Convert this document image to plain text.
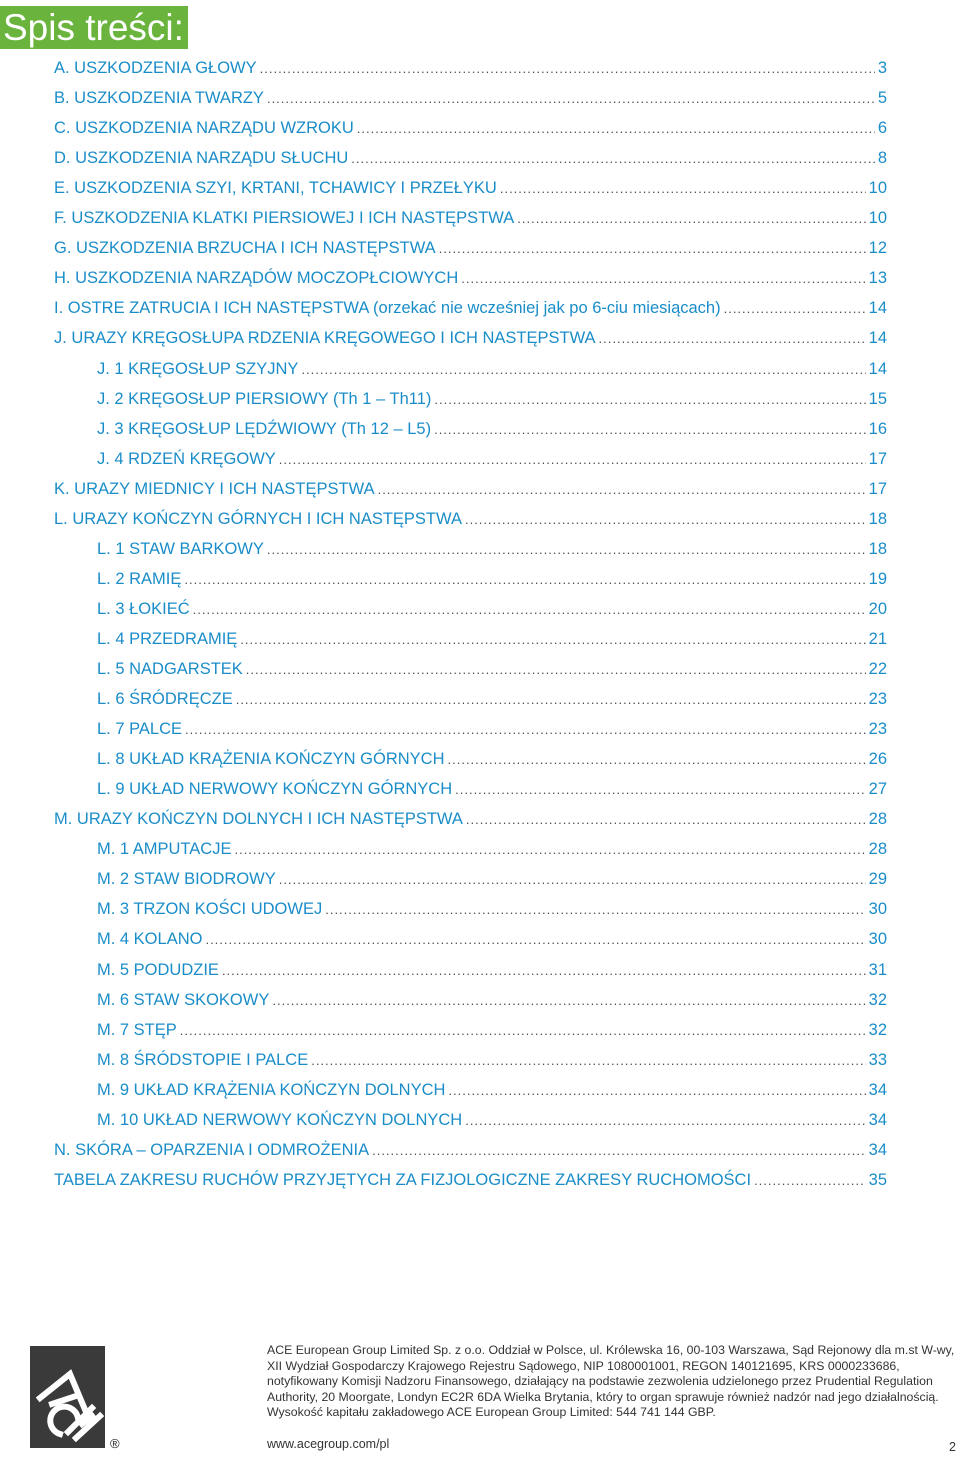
Spis treści:
A. USZKODZENIA GŁOWY .....	3
B. USZKODZENIA TWARZY .....	5
C. USZKODZENIA NARZĄDU WZROKU .....	6
D. USZKODZENIA NARZĄDU SŁUCHU .....	8
E. USZKODZENIA SZYI, KRTANI, TCHAWICY I PRZEŁYKU .....	10
F. USZKODZENIA KLATKI PIERSIOWEJ I ICH NASTĘPSTWA .....	10
G. USZKODZENIA BRZUCHA I ICH NASTĘPSTWA .....	12
H. USZKODZENIA NARZĄDÓW MOCZOPŁCIOWYCH .....	13
I. OSTRE ZATRUCIA I ICH NASTĘPSTWA (orzekać nie wcześniej jak po 6-ciu miesiącach) .....	14
J. URAZY KRĘGOSŁUPA RDZENIA KRĘGOWEGO I ICH NASTĘPSTWA .....	14
J. 1 KRĘGOSŁUP SZYJNY .....	14
J. 2 KRĘGOSŁUP PIERSIOWY (Th 1 – Th11) .....	15
J. 3 KRĘGOSŁUP LĘDŹWIOWY (Th 12 – L5) .....	16
J. 4 RDZEŃ KRĘGOWY .....	17
K. URAZY MIEDNICY I ICH NASTĘPSTWA .....	17
L. URAZY KOŃCZYN GÓRNYCH I ICH NASTĘPSTWA .....	18
L. 1 STAW BARKOWY .....	18
L. 2 RAMIĘ .....	19
L. 3 ŁOKIEĆ .....	20
L. 4 PRZEDRAMIĘ .....	21
L. 5 NADGARSTEK .....	22
L. 6 ŚRÓDRĘCZE .....	23
L. 7 PALCE .....	23
L. 8 UKŁAD KRĄŻENIA KOŃCZYN GÓRNYCH .....	26
L. 9 UKŁAD NERWOWY KOŃCZYN GÓRNYCH .....	27
M. URAZY KOŃCZYN DOLNYCH I ICH NASTĘPSTWA .....	28
M. 1 AMPUTACJE .....	28
M. 2 STAW BIODROWY .....	29
M. 3 TRZON KOŚCI UDOWEJ .....	30
M. 4 KOLANO .....	30
M. 5 PODUDZIE .....	31
M. 6 STAW SKOKOWY .....	32
M. 7 STĘP .....	32
M. 8 ŚRÓDSTOPIE I PALCE .....	33
M. 9 UKŁAD KRĄŻENIA KOŃCZYN DOLNYCH .....	34
M. 10 UKŁAD NERWOWY KOŃCZYN DOLNYCH .....	34
N. SKÓRA – OPARZENIA I ODMROŻENIA .....	34
TABELA ZAKRESU RUCHÓW PRZYJĘTYCH ZA FIZJOLOGICZNE ZAKRESY RUCHOMOŚCI .....	35
®
ACE European Group Limited Sp. z o.o. Oddział w Polsce, ul. Królewska 16, 00-103 Warszawa, Sąd Rejonowy dla m.st W-wy,
XII Wydział Gospodarczy Krajowego Rejestru Sądowego, NIP 1080001001, REGON 140121695, KRS 0000233686,
notyfikowany Komisji Nadzoru Finansowego, działający na podstawie zezwolenia udzielonego przez Prudential Regulation
Authority, 20 Moorgate, Londyn EC2R 6DA Wielka Brytania, który to organ sprawuje również nadzór nad jego działalnością.
Wysokość kapitału zakładowego ACE European Group Limited: 544 741 144 GBP.
www.acegroup.com/pl	2
